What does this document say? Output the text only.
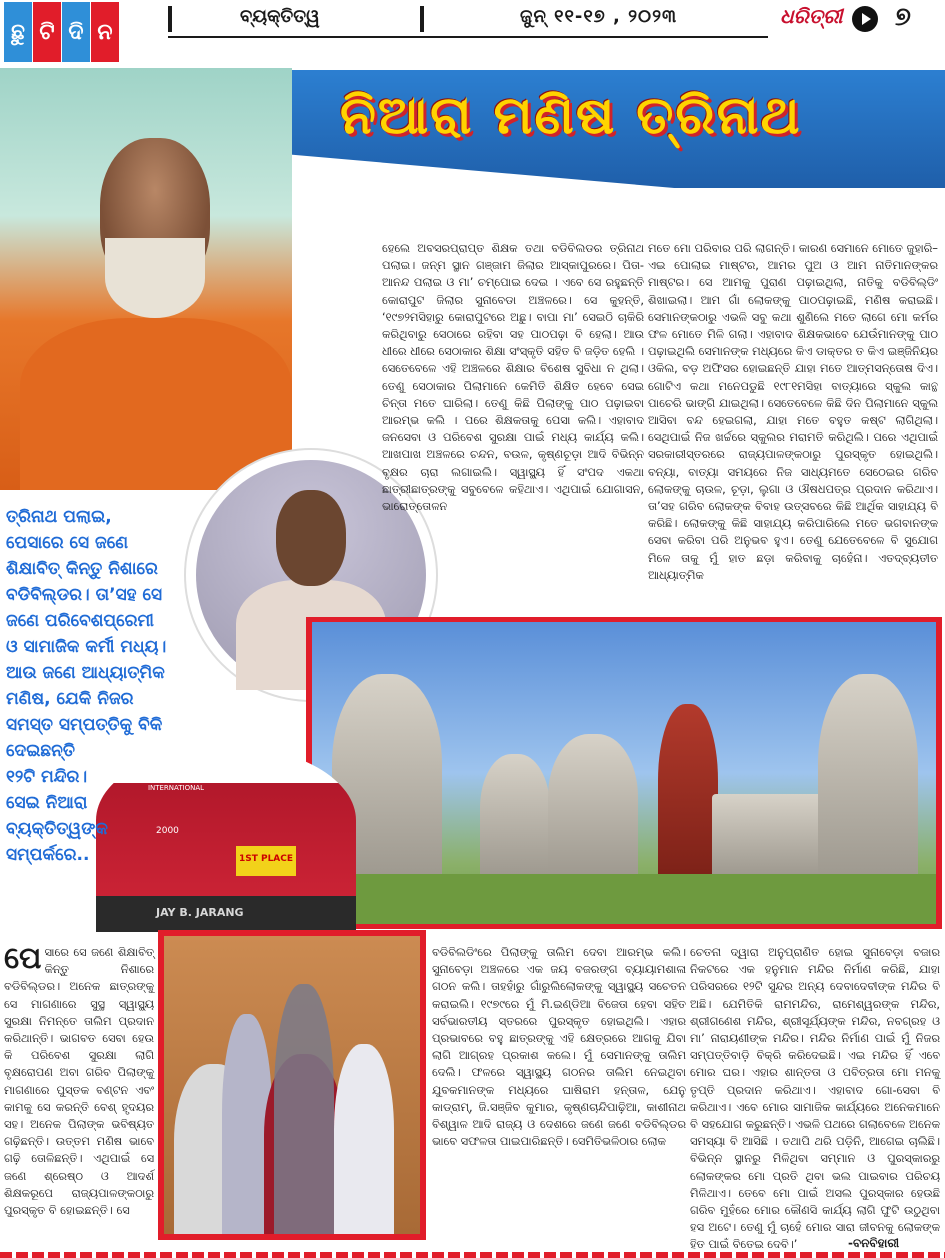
ଛୁ ଟି ଦି ନ
ବ୍ୟକ୍ତିତ୍ୱ	ଜୁନ୍ ୧୧-୧୭ , ୨୦୨୩	ଧରିତ୍ରୀ ୭
ନିଆରା ମଣିଷ ତ୍ରିନାଥ
ALL INDIA INTERNATIONAL
2000
1ST PLACE
JAY B. JARANG
ତ୍ରିନାଥ ପଲାଇ,
ପେସାରେ ସେ ଜଣେ
ଶିକ୍ଷାବିତ୍ କିନ୍ତୁ ନିଶାରେ
ବଡିବିଲ୍ଡର। ତା’ସହ ସେ
ଜଣେ ପରିବେଶପ୍ରେମୀ
ଓ ସାମାଜିକ କର୍ମୀ ମଧ୍ୟ।
ଆଉ ଜଣେ ଆଧ୍ୟାତ୍ମିକ
ମଣିଷ, ଯେକି ନିଜର
ସମସ୍ତ ସମ୍ପତ୍ତିକୁ ବିକି
ଦେଇଛନ୍ତି
୧୨ଟି ମନ୍ଦିର।
ସେଇ ନିଆରା
ବ୍ୟକ୍ତିତ୍ୱଙ୍କ
ସମ୍ପର୍କରେ..
ହେଲେ ଅବସରପ୍ରାପ୍ତ ଶିକ୍ଷକ ତଥା ବଡିବିଲଡର ତ୍ରିନାଥ ପଲାଇ। ଜନ୍ମ ସ୍ଥାନ ଗଞ୍ଜାମ ଜିଲାର ଆସ୍କାପୁରରେ। ପିତା-ଆନନ୍ଦ ପଲାଇ ଓ ମା’ ଚମ୍ପୋଇ ଦେଇ । ଏବେ ସେ ରହୁଛନ୍ତି କୋରାପୁଟ ଜିଲାର ସୁନାବେଡା ଅଞ୍ଚଳରେ। ସେ କୁହନ୍ତି, ‘୧୯୭୨ମସିହାରୁ କୋରାପୁଟରେ ଅଛୁ। ବାପା ମା’ ସେଇଠି ଚାକିରି କରିଥିବାରୁ ସେଠାରେ ରହିବା ସହ ପାଠପଢ଼ା ବି ହେଲା। ଆଉ ଧୀରେ ଧୀରେ ସେଠାକାର ଶିକ୍ଷା ସଂସ୍କୃତି ସହିତ ବି ଜଡ଼ିତ ହେଲି । ସେତେବେଳେ ଏହି ଅଞ୍ଚଳରେ ଶିକ୍ଷାର ବିଶେଷ ସୁବିଧା ନ ଥିଲା। ତେଣୁ ସେଠାକାର ପିଲାମାନେ କେମିତି ଶିକ୍ଷିତ ହେବେ ସେଇ ଚିନ୍ତା ମତେ ଘାରିଲା। ତେଣୁ କିଛି ପିଲାଙ୍କୁ ପାଠ ପଢ଼ାଇବା ଆରମ୍ଭ କଲି । ପରେ ଶିକ୍ଷକତାକୁ ପେସା କଲି। ଏହାବାଦ ଜନସେବା ଓ ପରିବେଶ ସୁରକ୍ଷା ପାଇଁ ମଧ୍ୟ କାର୍ଯ୍ୟ କଲି। ଆଖପାଖ ଅଞ୍ଚଳରେ ଚନ୍ଦନ, ବଉଳ, କୃଷ୍ଣଚୂଡ଼ା ଆଦି ବିଭିନ୍ନ ବୃକ୍ଷର ଚାରା ଲଗାଇଲି। ସ୍ୱାସ୍ଥ୍ୟ ହିଁ ସଂପଦ ଏକଥା ଛାତ୍ରୀଛାତ୍ରଙ୍କୁ ସବୁବେଳେ କହିଥାଏ। ଏଥିପାଇଁ ଯୋଗାସନ, ଭାରୋତ୍ତୋଳନ
ମତେ ମୋ ପରିବାର ପରି ଲାଗନ୍ତି। କାରଣ ସେମାନେ ମୋତେ ଜୁହାରି– ଏଇ ପୋଲାଇ ମାଷ୍ଟର, ଆମର ପୁଅ ଓ ଆମ ନାତିମାନଙ୍କର ମାଷ୍ଟର। ସେ ଆମକୁ ପୁରାଣ ପଢ଼ାଇଥିଲା, ନାତିକୁ ବଡିବିଲ୍ଡିଂ ଶିଖାଇଲା। ଆମ ଗାଁ ଲୋକଙ୍କୁ ପାଠପଢ଼ାଇଛି, ମଣିଷ କରାଇଛି। ସେମାନଙ୍କଠାରୁ ଏଭଳି ସବୁ କଥା ଶୁଣିଲେ ମତେ ଲାଗେ ମୋ କର୍ମର ଫଳ ମୋତେ ମିଳି ଗଲା। ଏହାବାଦ ଶିକ୍ଷକଭାବେ ଯେଉଁମାନଙ୍କୁ ପାଠ ପଢ଼ାଇଥିଲି ସେମାନଙ୍କ ମଧ୍ୟରେ କିଏ ଡାକ୍ତର ତ କିଏ ଇଞ୍ଜିନିୟର ଓକିଲ, ବଡ଼ ଅଫିସର ହୋଇଛନ୍ତି ଯାହା ମତେ ଆତ୍ମସନ୍ତୋଷ ଦିଏ। ଗୋଟିଏ କଥା ମନେପଡୁଛି ୧୯୮୧ମସିହା ବାତ୍ୟାରେ ସ୍କୁଲ କାନ୍ଥ ପାଚେରି ଭାଙ୍ଗି ଯାଇଥିଲା। ସେତେବେଳେ କିଛି ଦିନ ପିଲାମାନେ ସ୍କୁଲ ଆସିବା ବନ୍ଦ ହେଇଗଲା, ଯାହା ମତେ ବହୁତ କଷ୍ଟ ଲାଗିଥିଲା। ସେଥିପାଇଁ ନିଜ ଖର୍ଚ୍ଚରେ ସ୍କୁଲର ମରାମତି କରିଥିଲି। ପରେ ଏଥିପାଇଁ ସରକାରୀସ୍ତରରେ ରାଜ୍ୟପାଳଙ୍କଠାରୁ ପୁରସ୍କୃତ ହୋଇଥିଲି। ବନ୍ୟା, ବାତ୍ୟା ସମୟରେ ନିଜ ସାଧ୍ୟମତେ ସେଠେଇର ଗରିବ ଲୋକଙ୍କୁ ଚାଉଳ, ଚୂଡ଼ା, ଲୁଗା ଓ ଔଷଧପତ୍ର ପ୍ରଦାନ କରିଥାଏ। ତା’ସହ ଗରିବ ଲୋକଙ୍କ ବିବାହ ଉତ୍ସବରେ କିଛି ଆର୍ଥିକ ସାହାଯ୍ୟ ବି କରିଛି। ଲୋକଙ୍କୁ କିଛି ସାହାଯ୍ୟ କରିପାରିଲେ ମତେ ଭଗବାନଙ୍କ ସେବା କରିବା ପରି ଅନୁଭବ ହୁଏ। ତେଣୁ ଯେତେବେଳେ ବି ସୁଯୋଗ ମିଳେ ତାକୁ ମୁଁ ହାତ ଛଡ଼ା କରିବାକୁ ଚାହେଁନା। ଏତଦ୍‌ବ୍ୟତୀତ ଆଧ୍ୟାତ୍ମିକ
ପେସାରେ ସେ ଜଣେ ଶିକ୍ଷାବିତ୍ କିନ୍ତୁ ନିଶାରେ ବଡିବିଲ୍ଡର। ଅନେକ ଛାତ୍ରଙ୍କୁ ସେ ମାଗଣାରେ ସୁସ୍ଥ ସ୍ୱାସ୍ଥ୍ୟ ସୁରକ୍ଷା ନିମନ୍ତେ ତାଲିମ ପ୍ରଦାନ କରିଥାନ୍ତି। ଭାଗବତ ସେବା ହେଉ କି ପରିବେଶ ସୁରକ୍ଷା ଲାଗି ବୃକ୍ଷରୋପଣ ଅବା ଗରିବ ପିଲାଙ୍କୁ ମାଗଣାରେ ପୁସ୍ତକ ବଣ୍ଟନ ଏବଂ କାମକୁ ସେ କରନ୍ତି ବେଶ୍ ହୃଦୟର ସହ। ଅନେକ ପିଲାଙ୍କ ଭବିଷ୍ୟତ ଗଢ଼ିଛନ୍ତି। ଉତ୍ତମ ମଣିଷ ଭାବେ ଗଢ଼ି ତୋଳିଛନ୍ତି। ଏଥିପାଇଁ ସେ ଜଣେ ଶ୍ରେଷ୍ଠ ଓ ଆଦର୍ଶ ଶିକ୍ଷକରୂପେ ରାଜ୍ୟପାଳଙ୍କଠାରୁ ପୁରସ୍କୃତ ବି ହୋଇଛନ୍ତି। ସେ
ବଡିବିଲଡିଂରେ ପିଲାଙ୍କୁ ତାଲିମ ଦେବା ଆରମ୍ଭ କଲି। ସୁନାବେଡ଼ା ଅଞ୍ଚଳରେ ଏକ ଜୟ ବଜରଙ୍ଗ ବ୍ୟାୟାମଶାଳା ଗଠନ କଲି। ତାହହାଁରୁ ଗାଁରୁଲିଲୋକଙ୍କୁ ସ୍ୱାସ୍ଥ୍ୟ ସଚେତନ କରାଇଲି। ୧୯୭୯ରେ ମୁଁ ମି.ଇଣ୍ଡିଆ ବିଜେତା ହେବା ସହିତ ସର୍ବଭାରତୀୟ ସ୍ତରରେ ପୁରସ୍କୃତ ହୋଇଥିଲି। ଏହାର ପ୍ରଭାବରେ ବହୁ ଛାତ୍ରଙ୍କୁ ଏହି କ୍ଷେତ୍ରରେ ଆଗକୁ ଯିବା ଲାଗି ଆଗ୍ରହ ପ୍ରକାଶ କଲେ। ମୁଁ ସେମାନଙ୍କୁ ତାଲିମ ଦେଲି। ଫଳରେ ସ୍ୱାସ୍ଥ୍ୟ ଗଠନର ତାଲିମ ନେଇଥିବା ଯୁବକମାନଙ୍କ ମଧ୍ୟରେ ଘାଷିରାମ ହନ୍ତାଳ, ଯେନୁ କାଡ୍ରାମ୍, ଜି.ସଞ୍ଜିବ କୁମାର, କୃଷ୍ଣଚାନ୍ଦିପାଢ଼ିଆ, କାଶୀନାଥ ବିଶ୍ୱାଳ ଆଦି ରାଜ୍ୟ ଓ ଦେଶରେ ଜଣେ ଜଣେ ବଡିବିଲ୍ଡର ଭାବେ ସଫଳତା ପାଇପାରିଛନ୍ତି। ସେମିତିଭଳିଠାର ଲୋକ
ଚେତନା ଦ୍ୱାରା ଅନୁପ୍ରାଣିତ ହୋଇ ସୁନାବେଡ଼ା ବଜାର ନିକଟରେ ଏକ ହନୁମାନ ମନ୍ଦିର ନିର୍ମାଣ କରିଛି, ଯାହା ପରିସରରେ ୧୨ଟି ସୁନ୍ଦର ଅନ୍ୟ ଦେବାଦେବୀଙ୍କ ମନ୍ଦିର ବି ଅଛି। ଯେମିତିକି ରାମମନ୍ଦିର, ରାମେଶ୍ୱରଙ୍କ ମନ୍ଦିର, ଶ୍ରୀଗଣେଶ ମନ୍ଦିର, ଶ୍ରୀସୂର୍ଯ୍ୟଙ୍କ ମନ୍ଦିର, ନବଗ୍ରହ ଓ ମା’ ନାରାୟଣୀଙ୍କ ମନ୍ଦିର। ମନ୍ଦିର ନିର୍ମାଣ ପାଇଁ ମୁଁ ନିଜର ସମ୍ପତ୍ତିବାଡ଼ି ବିକ୍ରି କରିଦେଇଛି। ଏଇ ମନ୍ଦିର ହିଁ ଏବେ ମୋର ଘର। ଏହାର ଶାନ୍ତତା ଓ ପବିତ୍ରତା ମୋ ମନକୁ ତୃପ୍ତି ପ୍ରଦାନ କରିଥାଏ। ଏହାବାଦ ଗୋ-ସେବା ବି କରିଥାଏ। ଏବେ ମୋର ସାମାଜିକ କାର୍ଯ୍ୟରେ ଅନେକମାନେ ବି ସହଯୋଗ କରୁଛନ୍ତି। ଏଭଳି ପଥରେ ଗଲାବେଳେ ଅନେକ ସମସ୍ୟା ବି ଆସିଛି । ତଥାପି ଥରି ପଡ଼ିନି, ଆଗେଇ ଚାଲିଛି। ବିଭିନ୍ନ ସ୍ଥାନରୁ ମିଳିଥିବା ସମ୍ମାନ ଓ ପୁରସ୍କାରରୁ ଲୋକଙ୍କର ମୋ ପ୍ରତି ଥିବା ଭଲ ପାଇବାର ପରିଚୟ ମିଳିଥାଏ। ତେବେ ମୋ ପାଇଁ ଅସଲ ପୁରସ୍କାର ହେଉଛି ଗରିବ ମୁହଁରେ ମୋର କୌଣସି କାର୍ଯ୍ୟ ଲାଗି ଫୁଟି ଉଠୁଥିବା ହସ ଅଟେ। ତେଣୁ ମୁଁ ଚାହେଁ ମୋର ସାରା ଜୀବନକୁ ଲୋକଙ୍କ ହିତ ପାଇଁ ବିତେଇ ଦେବି।’	-ବନବିହାରୀ
